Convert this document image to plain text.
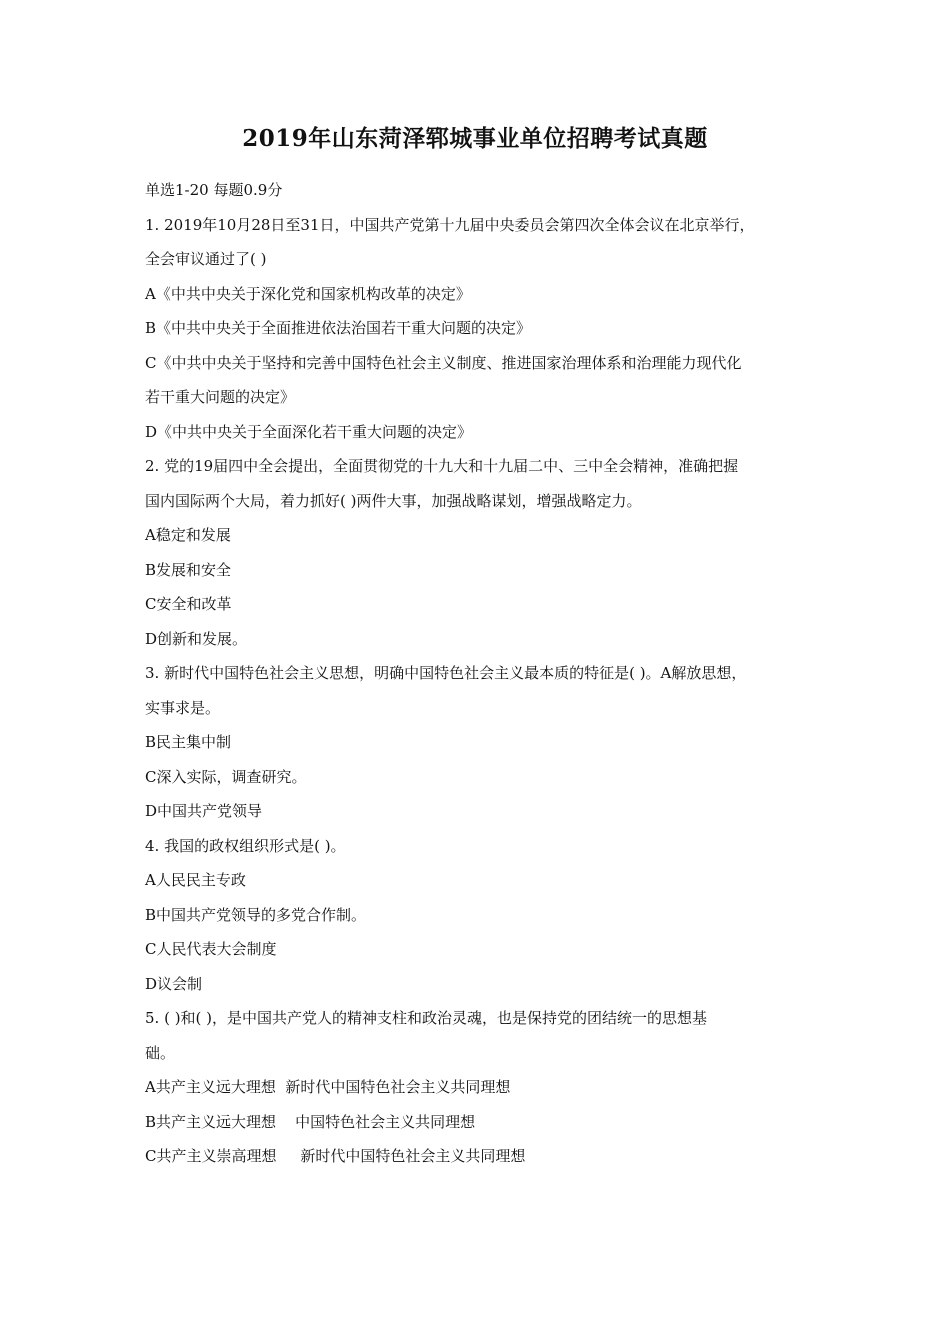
2019年山东菏泽郓城事业单位招聘考试真题
单选1-20 每题0.9分
1. 2019年10月28日至31日，中国共产党第十九届中央委员会第四次全体会议在北京举行，
全会审议通过了( )
A《中共中央关于深化党和国家机构改革的决定》
B《中共中央关于全面推进依法治国若干重大问题的决定》
C《中共中央关于坚持和完善中国特色社会主义制度、推进国家治理体系和治理能力现代化
若干重大问题的决定》
D《中共中央关于全面深化若干重大问题的决定》
2. 党的19届四中全会提出，全面贯彻党的十九大和十九届二中、三中全会精神，准确把握
国内国际两个大局，着力抓好( )两件大事，加强战略谋划，增强战略定力。
A稳定和发展
B发展和安全
C安全和改革
D创新和发展。
3. 新时代中国特色社会主义思想，明确中国特色社会主义最本质的特征是( )。A解放思想，
实事求是。
B民主集中制
C深入实际，调查研究。
D中国共产党领导
4. 我国的政权组织形式是( )。
A人民民主专政
B中国共产党领导的多党合作制。
C人民代表大会制度
D议会制
5. ( )和( )，是中国共产党人的精神支柱和政治灵魂，也是保持党的团结统一的思想基
础。
A共产主义远大理想  新时代中国特色社会主义共同理想
B共产主义远大理想    中国特色社会主义共同理想
C共产主义崇高理想     新时代中国特色社会主义共同理想
